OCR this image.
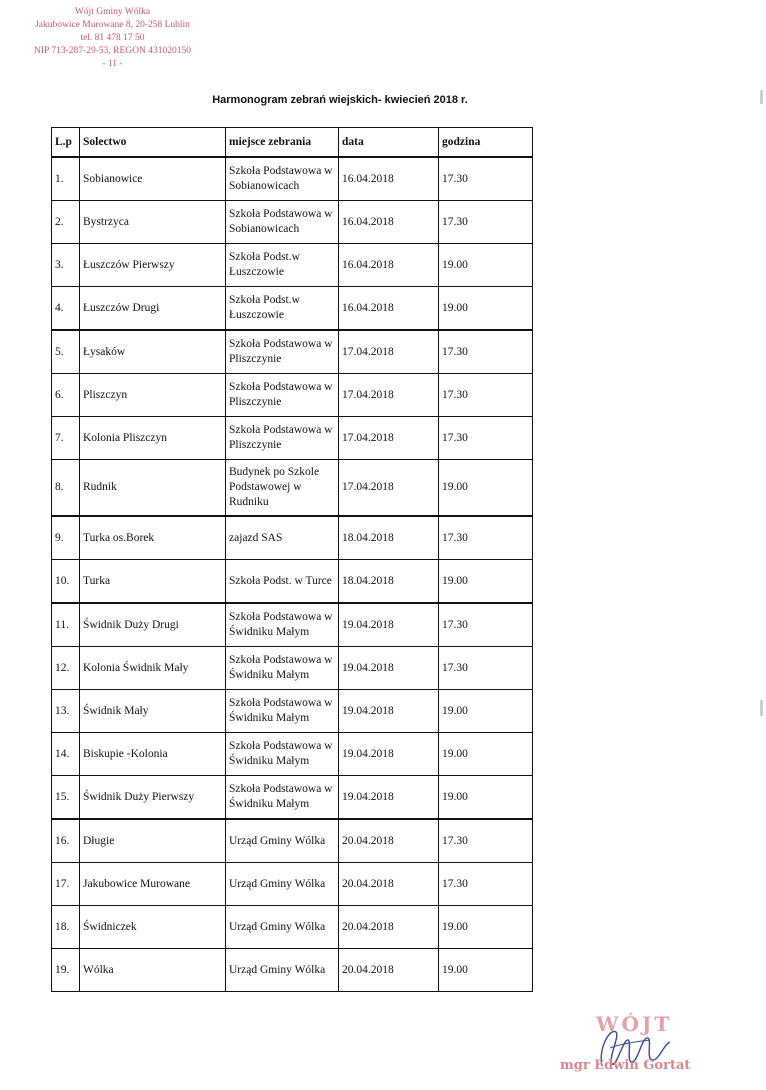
Wójt Gminy Wólka
Jakubowice Murowane 8, 20-258 Lublin
tel. 81 478 17 50
NIP 713-287-29-53, REGON 431020150
- 11 -
Harmonogram zebrań wiejskich- kwiecień 2018 r.
L.p	Solectwo	miejsce zebrania	data	godzina
1.	Sobianowice	Szkoła Podstawowa w Sobianowicach	16.04.2018	17.30
2.	Bystrzyca	Szkoła Podstawowa w Sobianowicach	16.04.2018	17.30
3.	Łuszczów Pierwszy	Szkoła Podst.w Łuszczowie	16.04.2018	19.00
4.	Łuszczów Drugi	Szkoła Podst.w Łuszczowie	16.04.2018	19.00
5.	Łysaków	Szkoła Podstawowa w Pliszczynie	17.04.2018	17.30
6.	Pliszczyn	Szkoła Podstawowa w Pliszczynie	17.04.2018	17.30
7.	Kolonia Pliszczyn	Szkoła Podstawowa w Pliszczynie	17.04.2018	17.30
8.	Rudnik	Budynek po Szkole Podstawowej w Rudniku	17.04.2018	19.00
9.	Turka os.Borek	zajazd SAS	18.04.2018	17.30
10.	Turka	Szkoła Podst. w Turce	18.04.2018	19.00
11.	Świdnik Duży Drugi	Szkoła Podstawowa w Świdniku Małym	19.04.2018	17.30
12.	Kolonia Świdnik Mały	Szkoła Podstawowa w Świdniku Małym	19.04.2018	17.30
13.	Świdnik Mały	Szkoła Podstawowa w Świdniku Małym	19.04.2018	19.00
14.	Biskupie -Kolonia	Szkoła Podstawowa w Świdniku Małym	19.04.2018	19.00
15.	Świdnik Duży Pierwszy	Szkoła Podstawowa w Świdniku Małym	19.04.2018	19.00
16.	Długie	Urząd Gminy Wólka	20.04.2018	17.30
17.	Jakubowice Murowane	Urząd Gminy Wólka	20.04.2018	17.30
18.	Świdniczek	Urząd Gminy Wólka	20.04.2018	19.00
19.	Wólka	Urząd Gminy Wólka	20.04.2018	19.00
WÓJT
mgr Edwin Gortat
